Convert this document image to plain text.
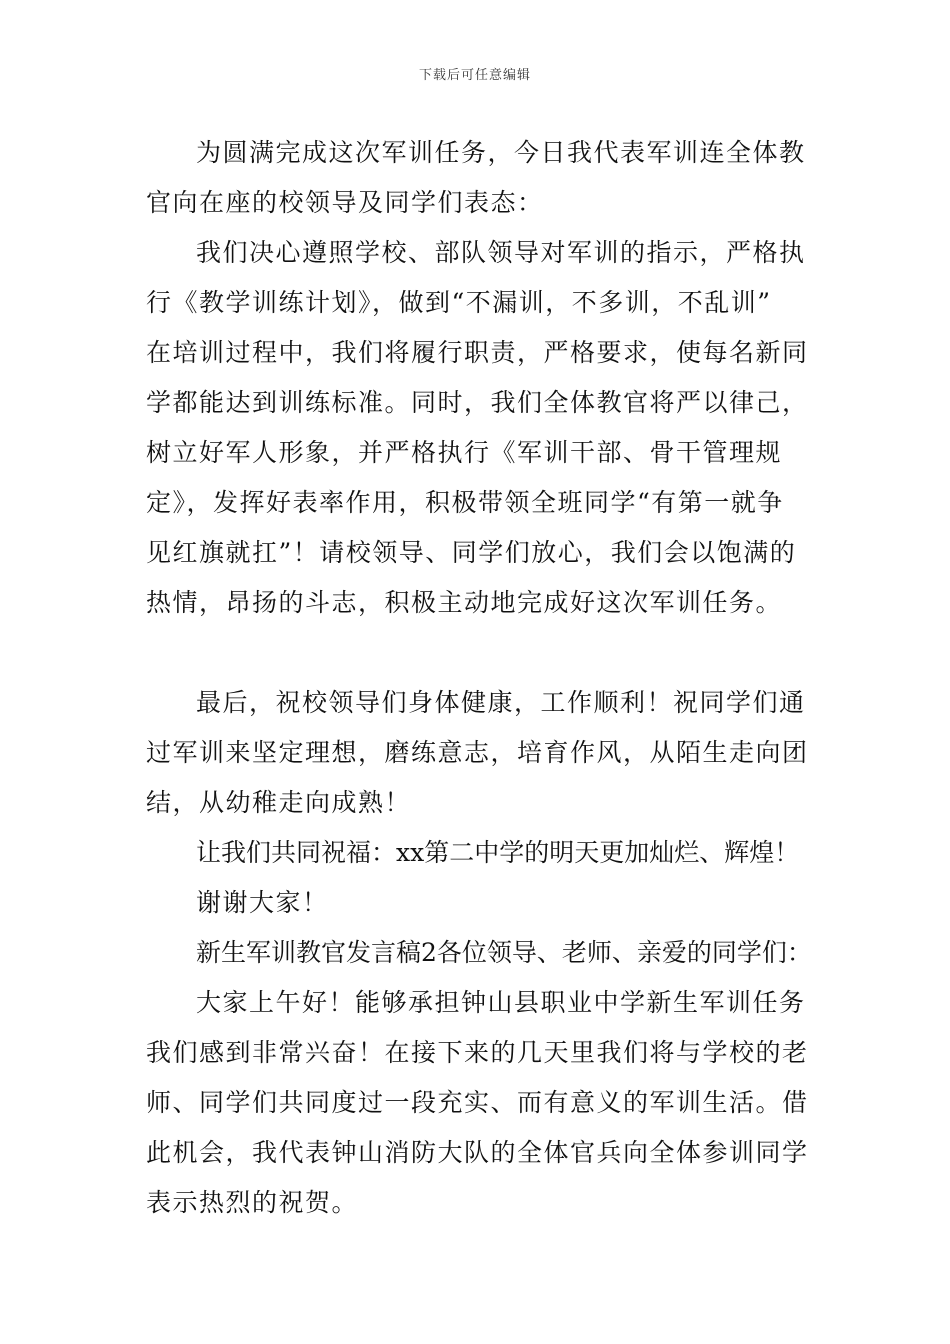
下载后可任意编辑
为圆满完成这次军训任务，今日我代表军训连全体教
官向在座的校领导及同学们表态：
我们决心遵照学校、部队领导对军训的指示，严格执
行《教学训练计划》，做到“不漏训，不多训，不乱训”
在培训过程中，我们将履行职责，严格要求，使每名新同
学都能达到训练标准。同时，我们全体教官将严以律己，
树立好军人形象，并严格执行《军训干部、骨干管理规
定》，发挥好表率作用，积极带领全班同学“有第一就争
见红旗就扛”！请校领导、同学们放心，我们会以饱满的
热情，昂扬的斗志，积极主动地完成好这次军训任务。
最后，祝校领导们身体健康，工作顺利！祝同学们通
过军训来坚定理想，磨练意志，培育作风，从陌生走向团
结，从幼稚走向成熟！
让我们共同祝福：xx第二中学的明天更加灿烂、辉煌！
谢谢大家！
新生军训教官发言稿2各位领导、老师、亲爱的同学们：
大家上午好！能够承担钟山县职业中学新生军训任务
我们感到非常兴奋！在接下来的几天里我们将与学校的老
师、同学们共同度过一段充实、而有意义的军训生活。借
此机会，我代表钟山消防大队的全体官兵向全体参训同学
表示热烈的祝贺。
